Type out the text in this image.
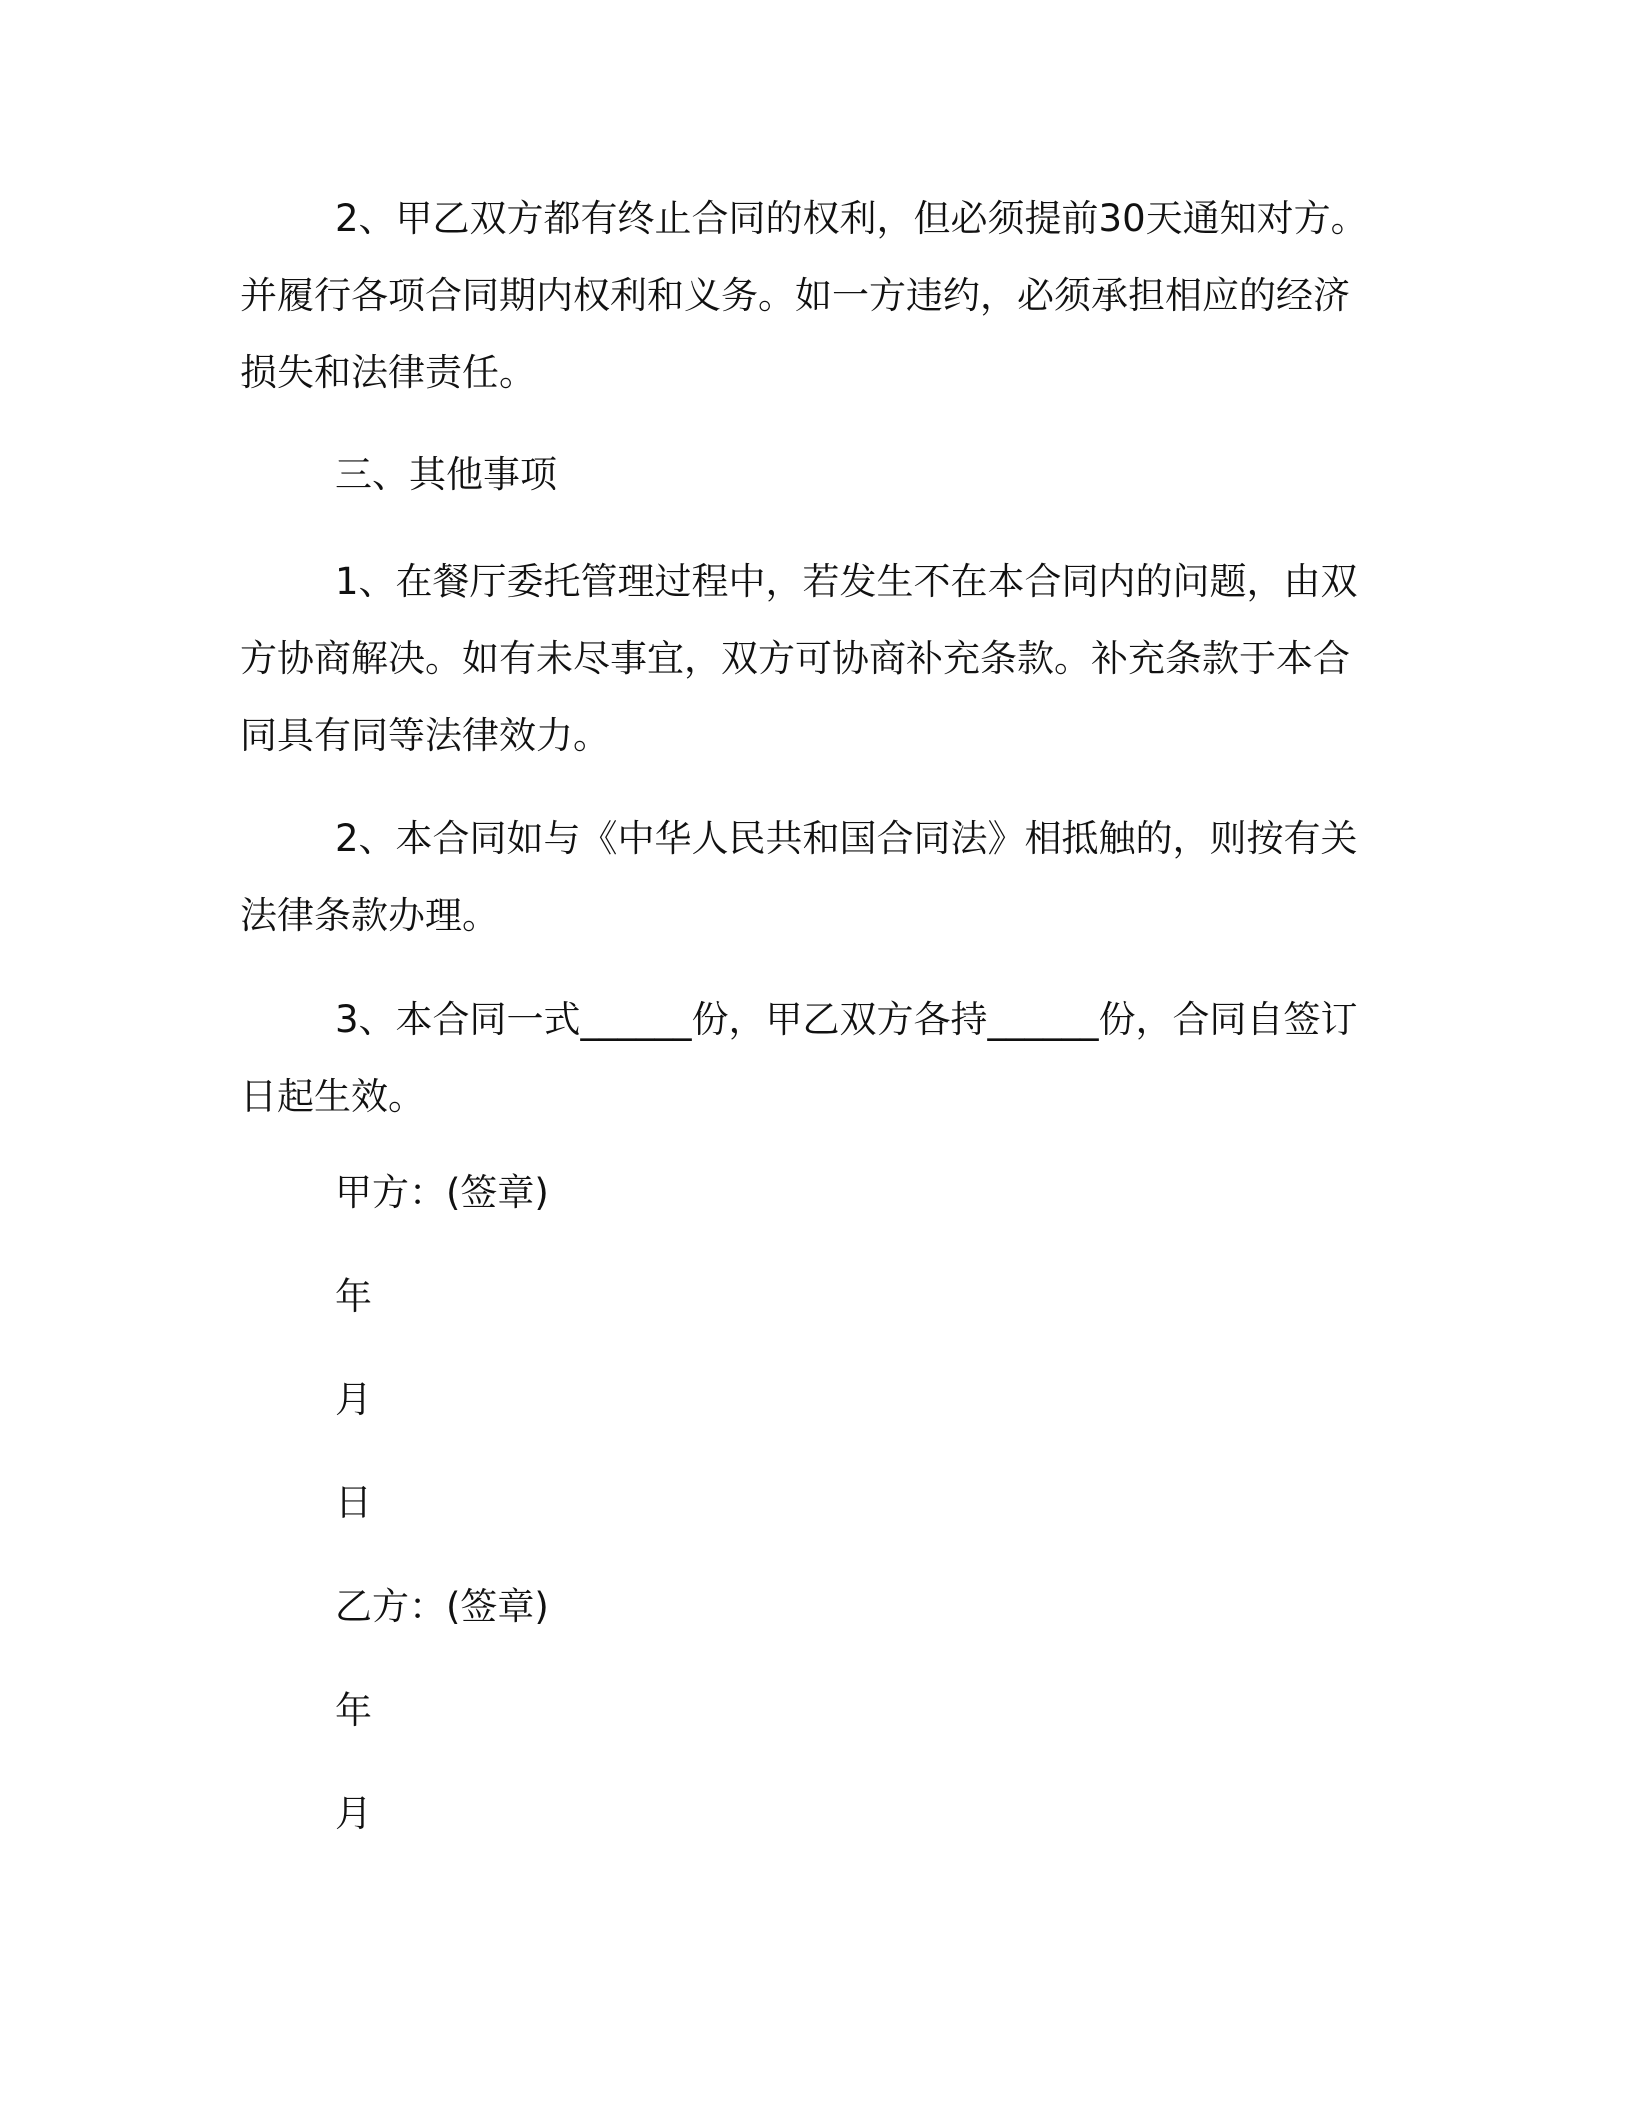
2、甲乙双方都有终止合同的权利，但必须提前30天通知对方。并履行各项合同期内权利和义务。如一方违约，必须承担相应的经济损失和法律责任。

三、其他事项

1、在餐厅委托管理过程中，若发生不在本合同内的问题，由双方协商解决。如有未尽事宜，双方可协商补充条款。补充条款于本合同具有同等法律效力。

2、本合同如与《中华人民共和国合同法》相抵触的，则按有关法律条款办理。

3、本合同一式______份，甲乙双方各持______份，合同自签订日起生效。

甲方：(签章)

年

月

日

乙方：(签章)

年

月
